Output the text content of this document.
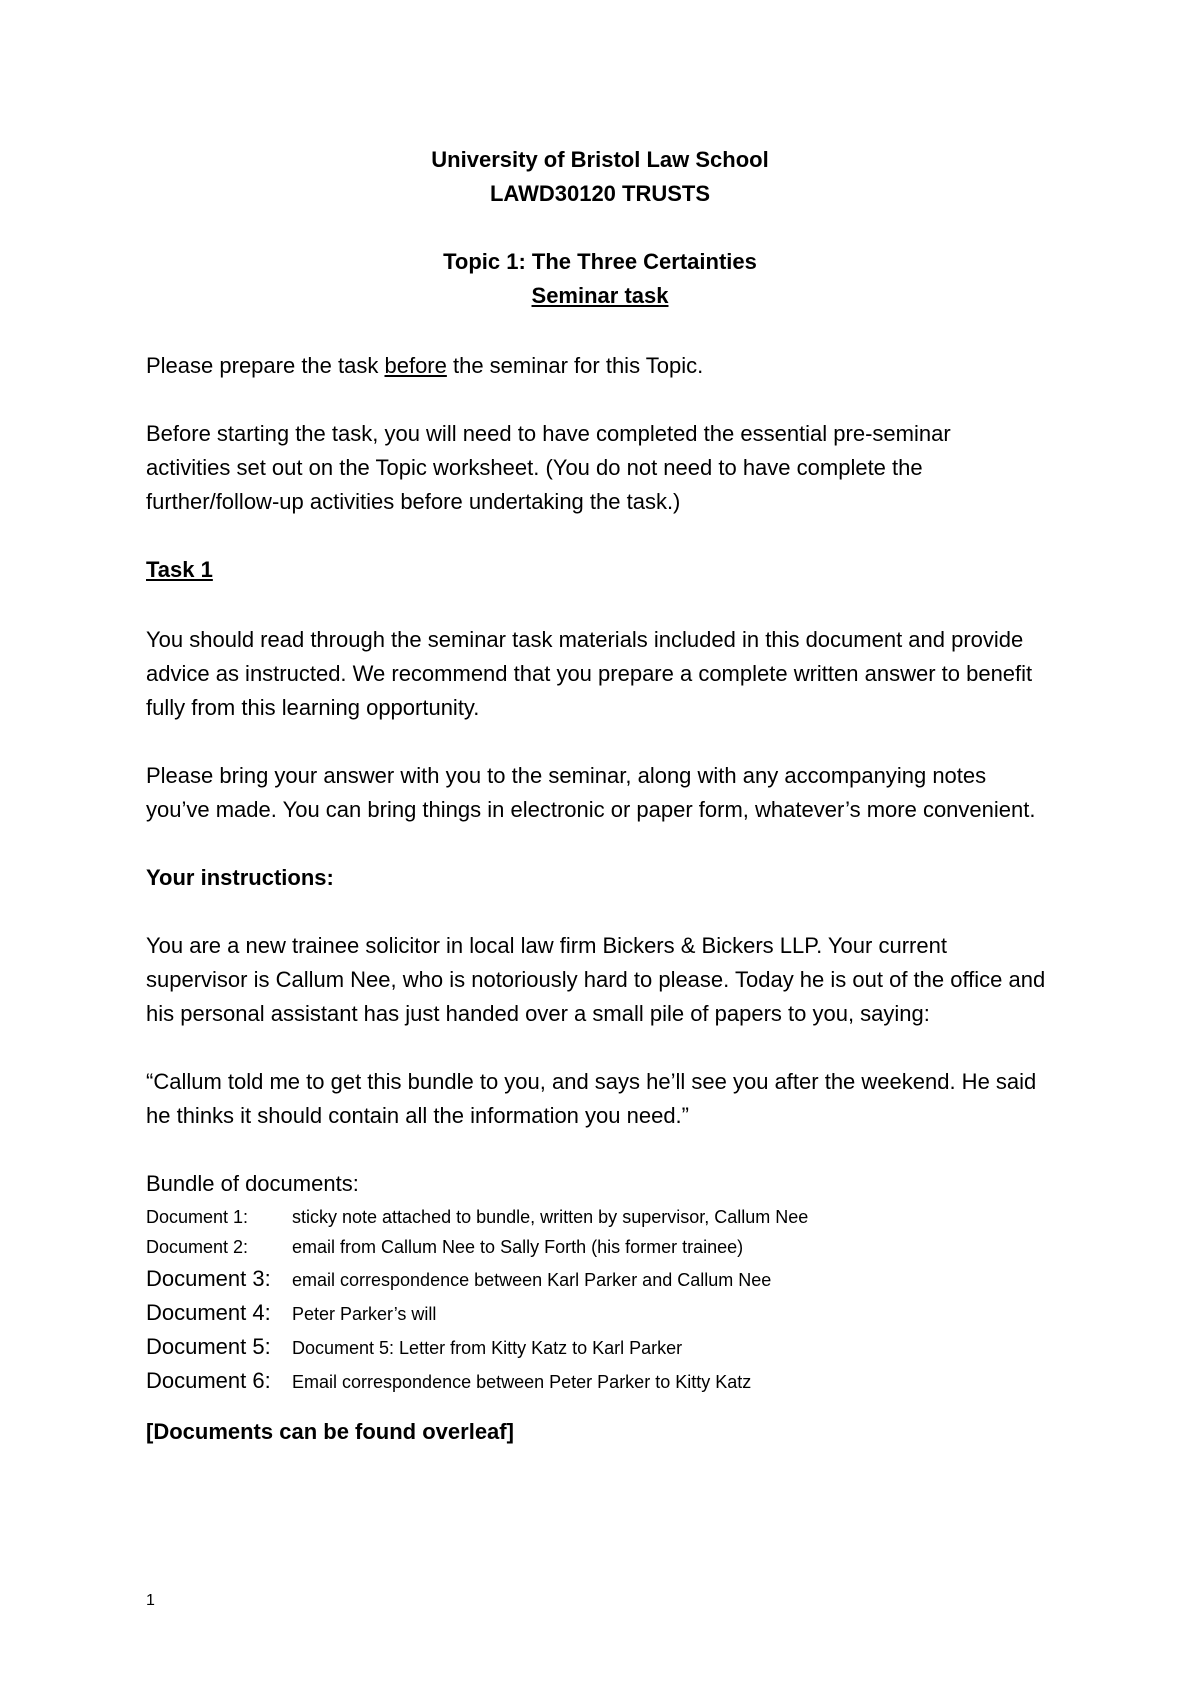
University of Bristol Law School
LAWD30120 TRUSTS
Topic 1: The Three Certainties
Seminar task
Please prepare the task before the seminar for this Topic.
Before starting the task, you will need to have completed the essential pre-seminar
activities set out on the Topic worksheet. (You do not need to have complete the
further/follow-up activities before undertaking the task.)
Task 1
You should read through the seminar task materials included in this document and provide
advice as instructed. We recommend that you prepare a complete written answer to benefit
fully from this learning opportunity.
Please bring your answer with you to the seminar, along with any accompanying notes
you’ve made. You can bring things in electronic or paper form, whatever’s more convenient.
Your instructions:
You are a new trainee solicitor in local law firm Bickers & Bickers LLP. Your current
supervisor is Callum Nee, who is notoriously hard to please. Today he is out of the office and
his personal assistant has just handed over a small pile of papers to you, saying:
“Callum told me to get this bundle to you, and says he’ll see you after the weekend. He said
he thinks it should contain all the information you need.”
Bundle of documents:
Document 1: sticky note attached to bundle, written by supervisor, Callum Nee
Document 2: email from Callum Nee to Sally Forth (his former trainee)
Document 3: email correspondence between Karl Parker and Callum Nee
Document 4: Peter Parker’s will
Document 5: Document 5: Letter from Kitty Katz to Karl Parker
Document 6: Email correspondence between Peter Parker to Kitty Katz
[Documents can be found overleaf]
1
